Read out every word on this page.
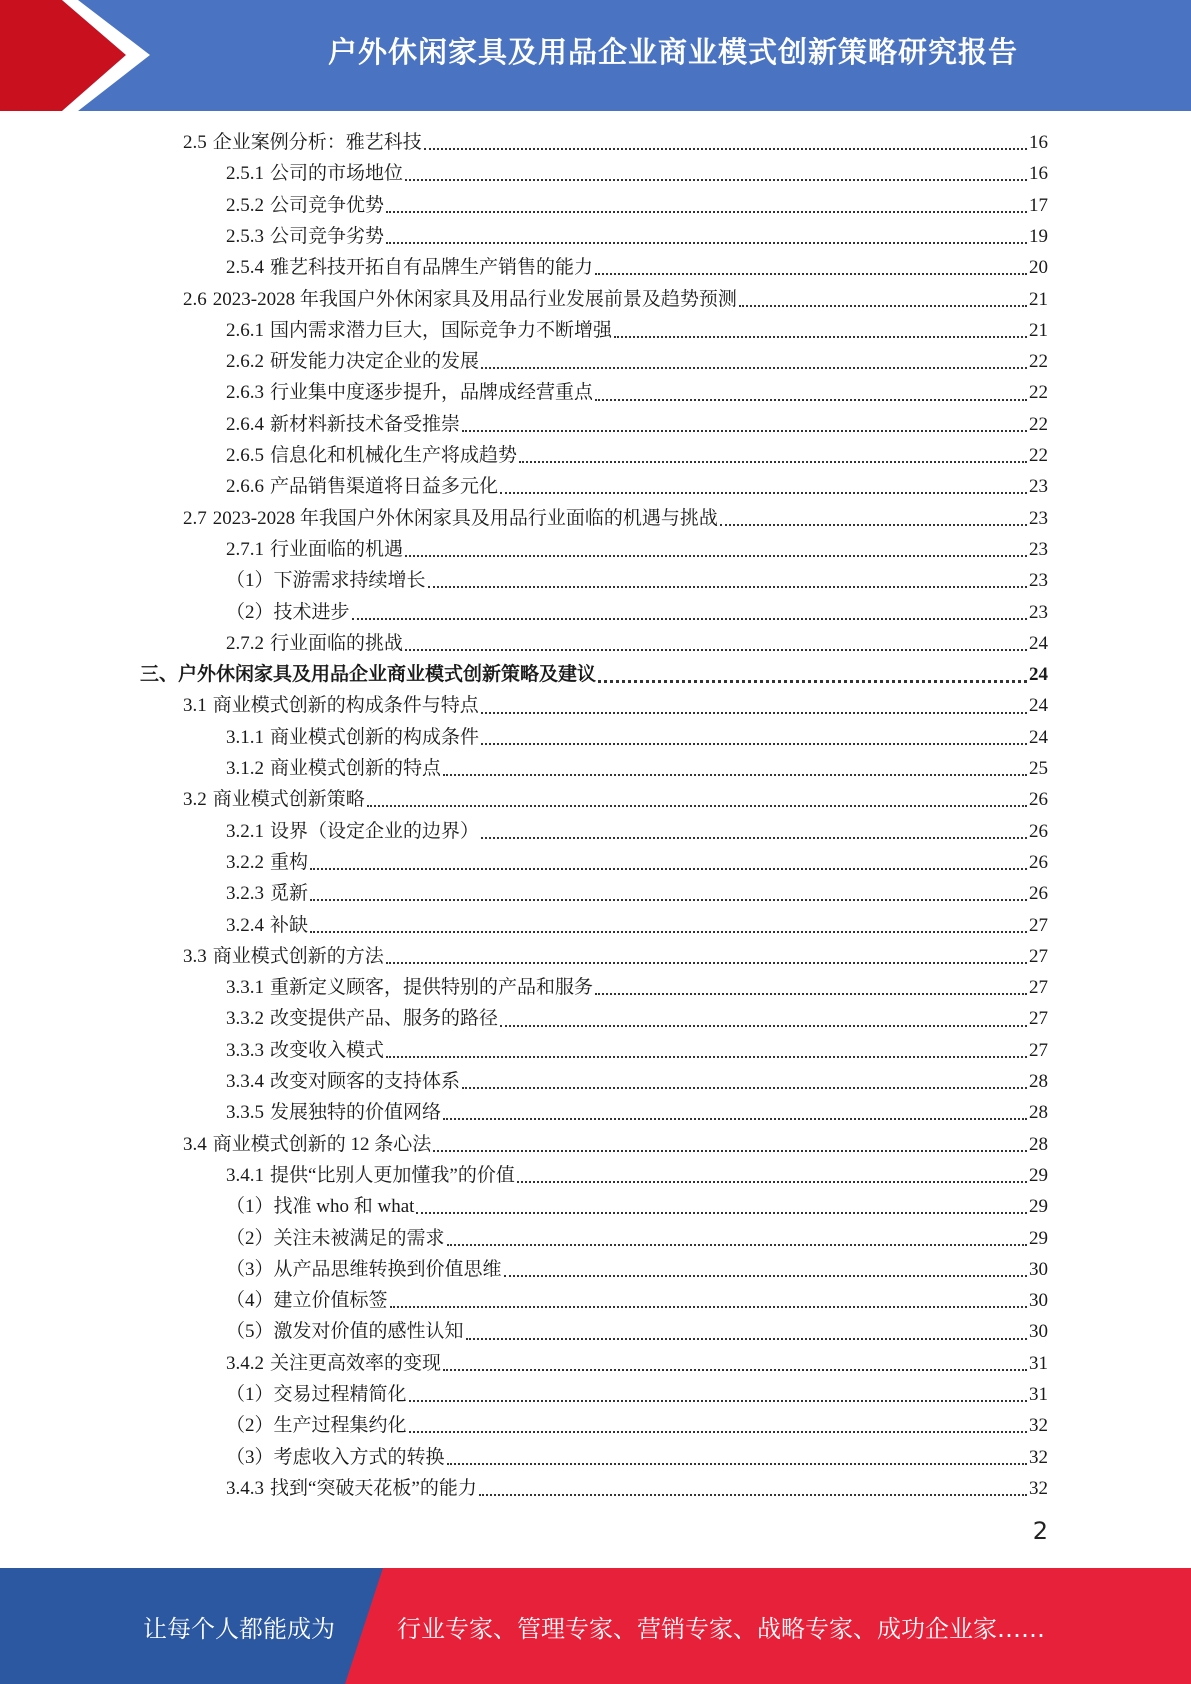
户外休闲家具及用品企业商业模式创新策略研究报告
2.5 企业案例分析：雅艺科技	16
2.5.1 公司的市场地位	16
2.5.2 公司竞争优势	17
2.5.3 公司竞争劣势	19
2.5.4 雅艺科技开拓自有品牌生产销售的能力	20
2.6 2023-2028 年我国户外休闲家具及用品行业发展前景及趋势预测	21
2.6.1 国内需求潜力巨大，国际竞争力不断增强	21
2.6.2 研发能力决定企业的发展	22
2.6.3 行业集中度逐步提升，品牌成经营重点	22
2.6.4 新材料新技术备受推崇	22
2.6.5 信息化和机械化生产将成趋势	22
2.6.6 产品销售渠道将日益多元化	23
2.7 2023-2028 年我国户外休闲家具及用品行业面临的机遇与挑战	23
2.7.1 行业面临的机遇	23
（1）下游需求持续增长	23
（2）技术进步	23
2.7.2 行业面临的挑战	24
三、户外休闲家具及用品企业商业模式创新策略及建议	24
3.1 商业模式创新的构成条件与特点	24
3.1.1 商业模式创新的构成条件	24
3.1.2 商业模式创新的特点	25
3.2 商业模式创新策略	26
3.2.1 设界（设定企业的边界）	26
3.2.2 重构	26
3.2.3 觅新	26
3.2.4 补缺	27
3.3 商业模式创新的方法	27
3.3.1 重新定义顾客，提供特别的产品和服务	27
3.3.2 改变提供产品、服务的路径	27
3.3.3 改变收入模式	27
3.3.4 改变对顾客的支持体系	28
3.3.5 发展独特的价值网络	28
3.4 商业模式创新的 12 条心法	28
3.4.1 提供“比别人更加懂我”的价值	29
（1）找准 who 和 what	29
（2）关注未被满足的需求	29
（3）从产品思维转换到价值思维	30
（4）建立价值标签	30
（5）激发对价值的感性认知	30
3.4.2 关注更高效率的变现	31
（1）交易过程精简化	31
（2）生产过程集约化	32
（3）考虑收入方式的转换	32
3.4.3 找到“突破天花板”的能力	32
2
让每个人都能成为	行业专家、管理专家、营销专家、战略专家、成功企业家……
